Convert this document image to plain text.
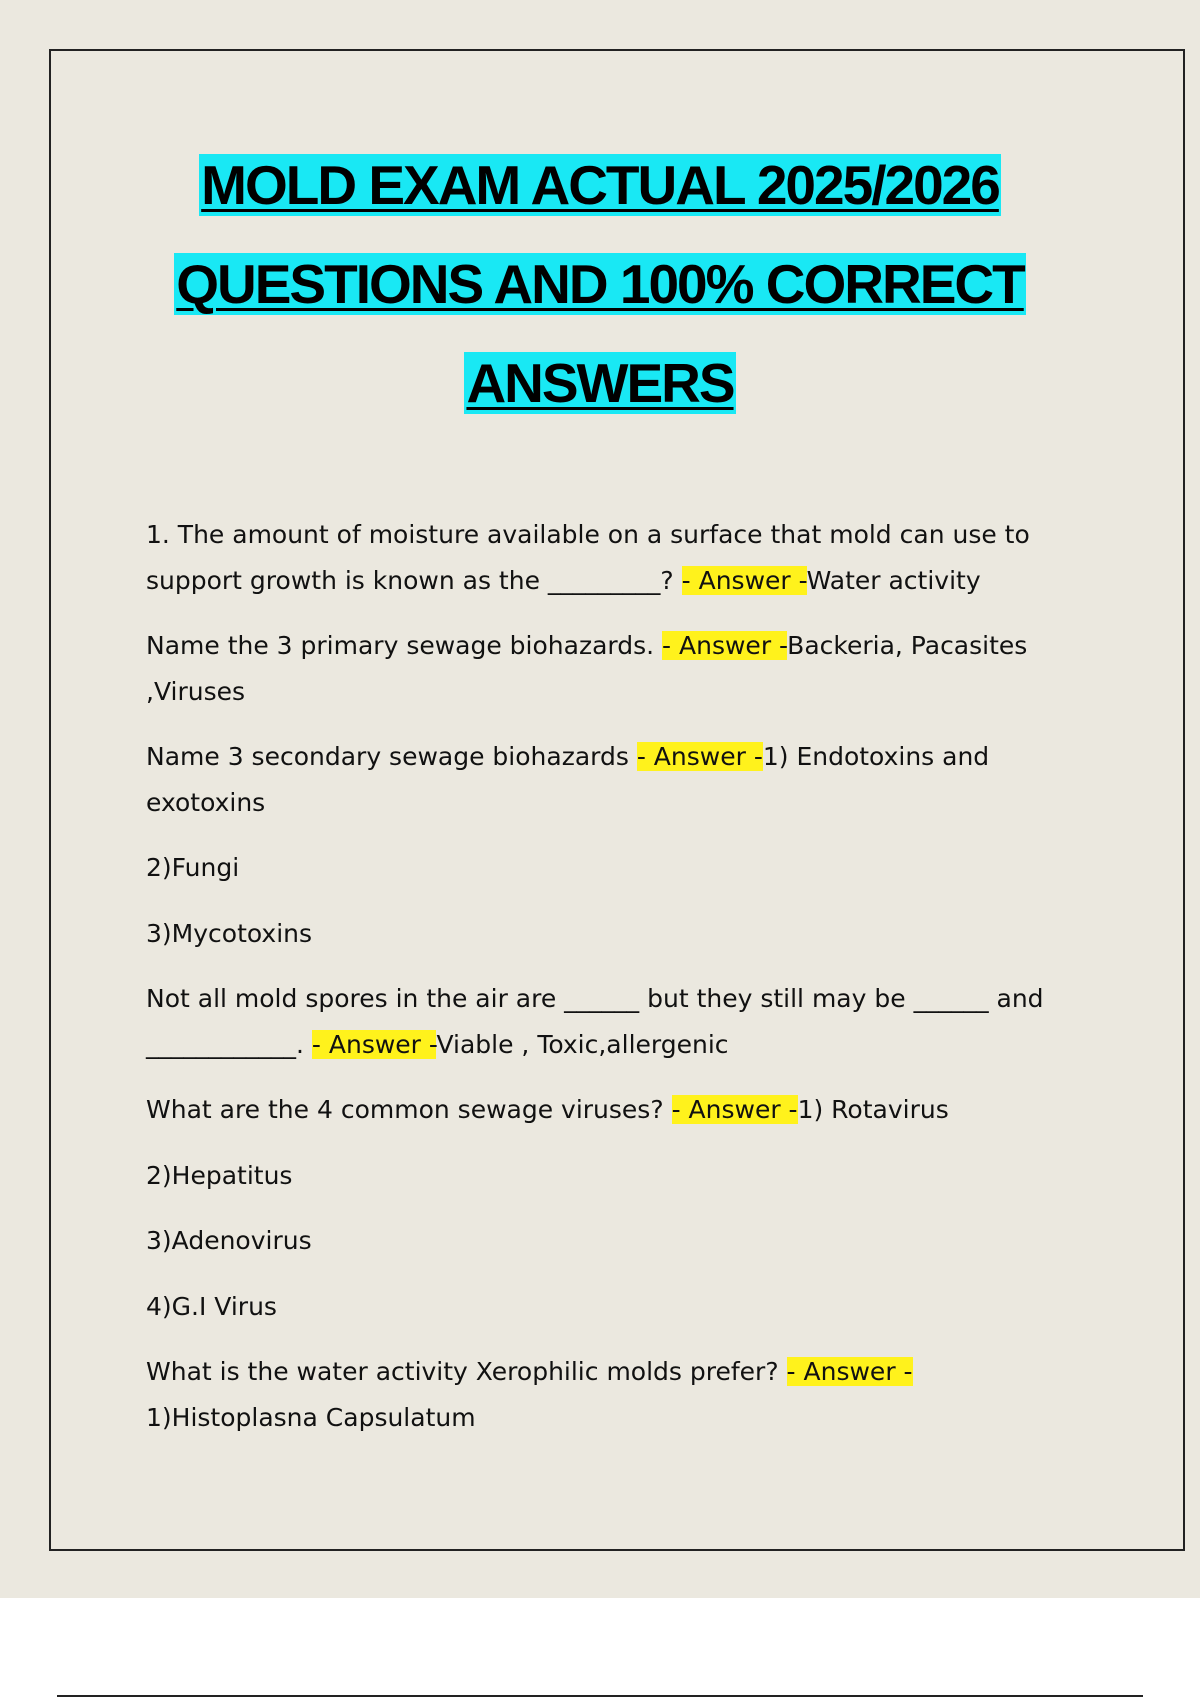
MOLD EXAM ACTUAL 2025/2026
QUESTIONS AND 100% CORRECT
ANSWERS

1. The amount of moisture available on a surface that mold can use to support growth is known as the _________? - Answer -Water activity

Name the 3 primary sewage biohazards. - Answer -Backeria, Pacasites ,Viruses

Name 3 secondary sewage biohazards - Answer -1) Endotoxins and exotoxins

2)Fungi

3)Mycotoxins

Not all mold spores in the air are ______ but they still may be ______ and ____________. - Answer -Viable , Toxic,allergenic

What are the 4 common sewage viruses? - Answer -1) Rotavirus

2)Hepatitus

3)Adenovirus

4)G.I Virus

What is the water activity Xerophilic molds prefer? - Answer -
1)Histoplasna Capsulatum
